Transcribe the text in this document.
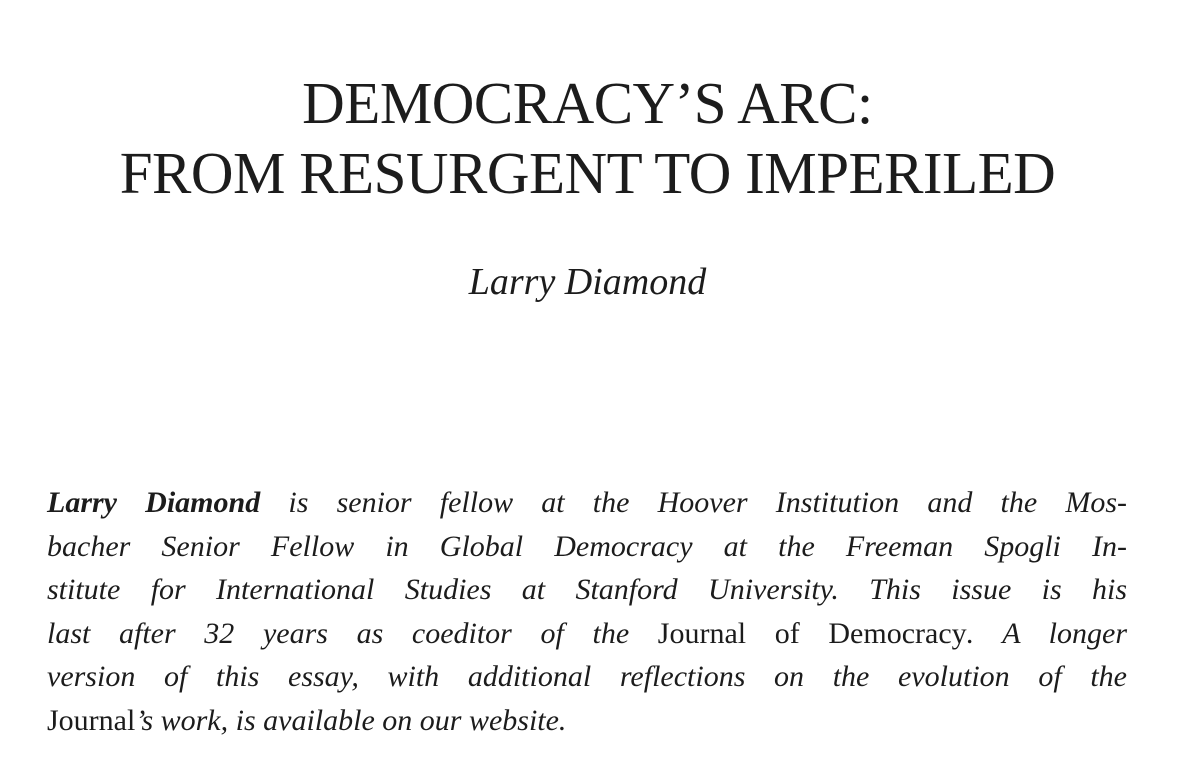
DEMOCRACY’S ARC:
FROM RESURGENT TO IMPERILED

Larry Diamond

Larry Diamond is senior fellow at the Hoover Institution and the Mos-
bacher Senior Fellow in Global Democracy at the Freeman Spogli In-
stitute for International Studies at Stanford University. This issue is his
last after 32 years as coeditor of the Journal of Democracy. A longer
version of this essay, with additional reflections on the evolution of the
Journal’s work, is available on our website.
